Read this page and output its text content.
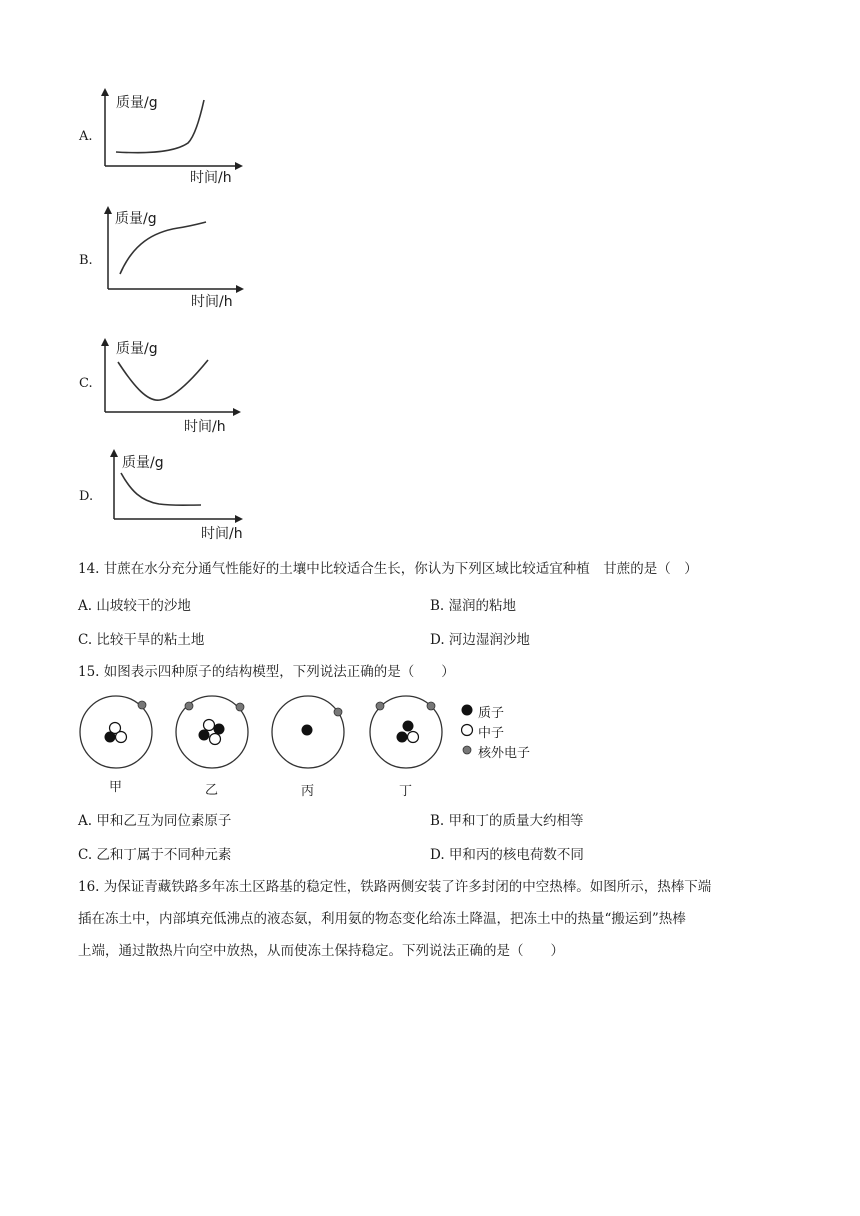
A.
质量/g
时间/h
B.
质量/g
时间/h
C.
质量/g
时间/h
D.
质量/g
时间/h
14. 甘蔗在水分充分通气性能好的土壤中比较适合生长，你认为下列区域比较适宜种植　甘蔗的是（　）
A. 山坡较干的沙地	B. 湿润的粘地
C. 比较干旱的粘土地	D. 河边湿润沙地
15. 如图表示四种原子的结构模型，下列说法正确的是（　　）
甲	乙	丙	丁
质子
中子
核外电子
A. 甲和乙互为同位素原子	B. 甲和丁的质量大约相等
C. 乙和丁属于不同种元素	D. 甲和丙的核电荷数不同
16. 为保证青藏铁路多年冻土区路基的稳定性，铁路两侧安装了许多封闭的中空热棒。如图所示，热棒下端
插在冻土中，内部填充低沸点的液态氨，利用氨的物态变化给冻土降温，把冻土中的热量“搬运到”热棒
上端，通过散热片向空中放热，从而使冻土保持稳定。下列说法正确的是（　　）
